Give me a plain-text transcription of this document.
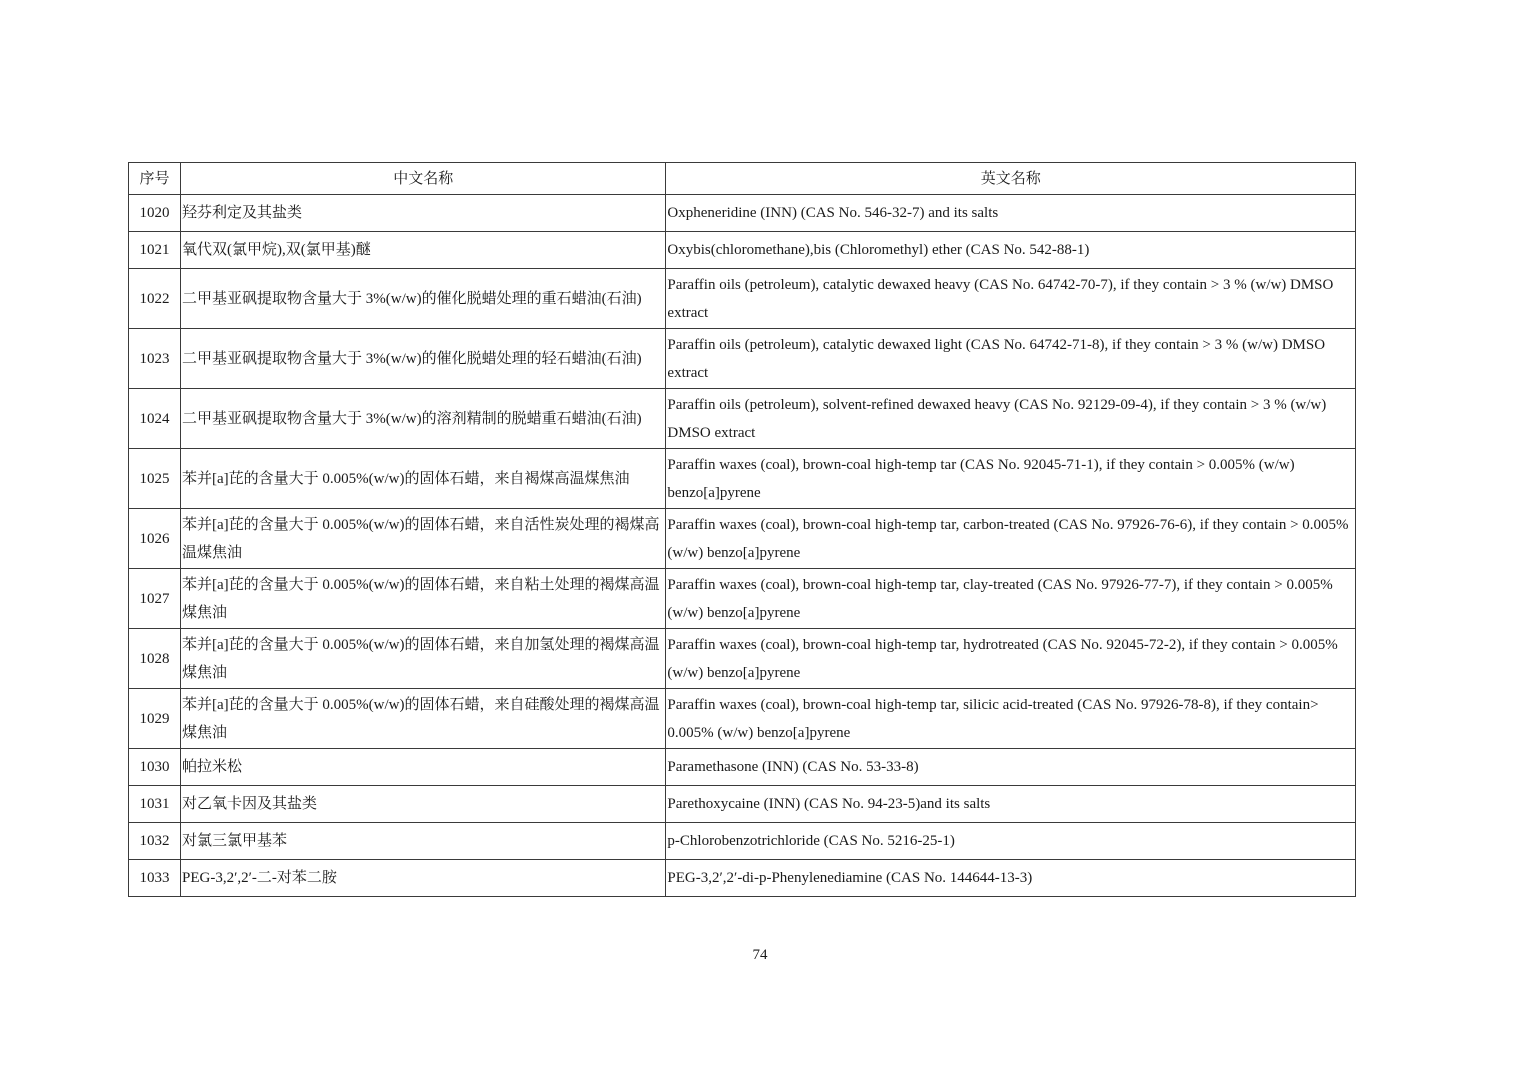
序号	中文名称	英文名称
1020	羟芬利定及其盐类	Oxpheneridine (INN) (CAS No. 546-32-7) and its salts
1021	氧代双(氯甲烷),双(氯甲基)醚	Oxybis(chloromethane),bis (Chloromethyl) ether (CAS No. 542-88-1)
1022	二甲基亚砜提取物含量大于 3%(w/w)的催化脱蜡处理的重石蜡油(石油)	Paraffin oils (petroleum), catalytic dewaxed heavy (CAS No. 64742-70-7), if they contain > 3 % (w/w) DMSO extract
1023	二甲基亚砜提取物含量大于 3%(w/w)的催化脱蜡处理的轻石蜡油(石油)	Paraffin oils (petroleum), catalytic dewaxed light (CAS No. 64742-71-8), if they contain > 3 % (w/w) DMSO extract
1024	二甲基亚砜提取物含量大于 3%(w/w)的溶剂精制的脱蜡重石蜡油(石油)	Paraffin oils (petroleum), solvent-refined dewaxed heavy (CAS No. 92129-09-4), if they contain > 3 % (w/w) DMSO extract
1025	苯并[a]芘的含量大于 0.005%(w/w)的固体石蜡，来自褐煤高温煤焦油	Paraffin waxes (coal), brown-coal high-temp tar (CAS No. 92045-71-1), if they contain > 0.005% (w/w) benzo[a]pyrene
1026	苯并[a]芘的含量大于 0.005%(w/w)的固体石蜡，来自活性炭处理的褐煤高温煤焦油	Paraffin waxes (coal), brown-coal high-temp tar, carbon-treated (CAS No. 97926-76-6), if they contain > 0.005% (w/w) benzo[a]pyrene
1027	苯并[a]芘的含量大于 0.005%(w/w)的固体石蜡，来自粘土处理的褐煤高温煤焦油	Paraffin waxes (coal), brown-coal high-temp tar, clay-treated (CAS No. 97926-77-7), if they contain > 0.005% (w/w) benzo[a]pyrene
1028	苯并[a]芘的含量大于 0.005%(w/w)的固体石蜡，来自加氢处理的褐煤高温煤焦油	Paraffin waxes (coal), brown-coal high-temp tar, hydrotreated (CAS No. 92045-72-2), if they contain > 0.005% (w/w) benzo[a]pyrene
1029	苯并[a]芘的含量大于 0.005%(w/w)的固体石蜡，来自硅酸处理的褐煤高温煤焦油	Paraffin waxes (coal), brown-coal high-temp tar, silicic acid-treated (CAS No. 97926-78-8), if they contain> 0.005% (w/w) benzo[a]pyrene
1030	帕拉米松	Paramethasone (INN) (CAS No. 53-33-8)
1031	对乙氧卡因及其盐类	Parethoxycaine (INN) (CAS No. 94-23-5)and its salts
1032	对氯三氯甲基苯	p-Chlorobenzotrichloride (CAS No. 5216-25-1)
1033	PEG-3,2′,2′-二-对苯二胺	PEG-3,2′,2′-di-p-Phenylenediamine (CAS No. 144644-13-3)
74
